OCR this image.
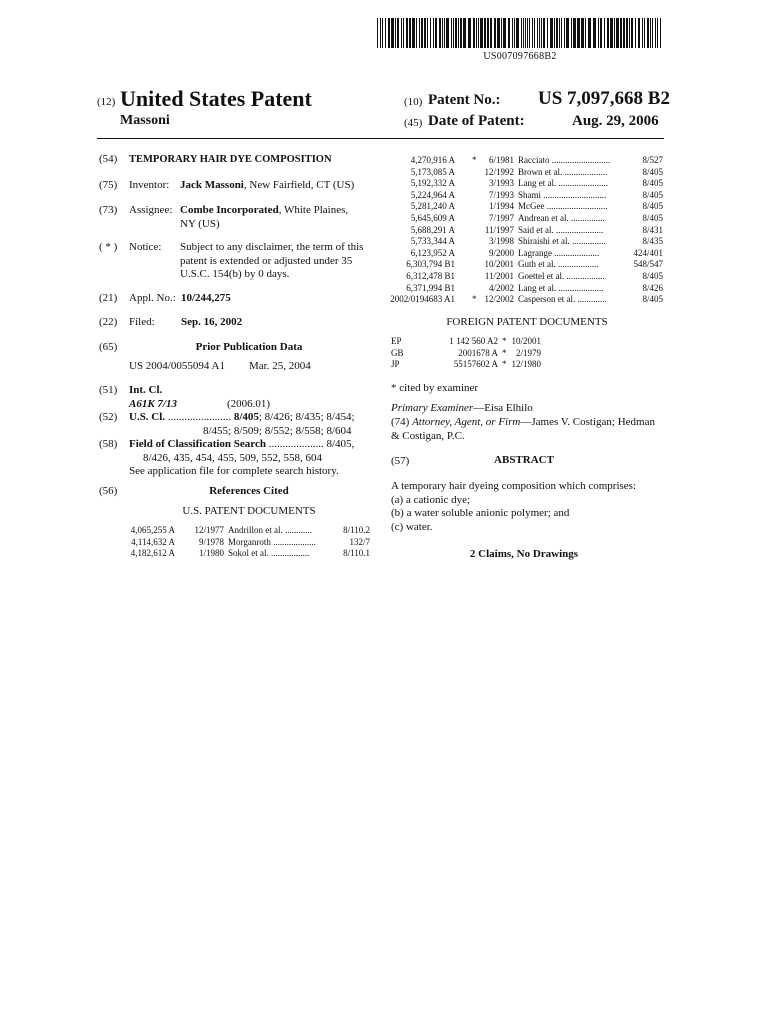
US007097668B2
(12) United States Patent
Massoni
(10) Patent No.: US 7,097,668 B2
(45) Date of Patent:	Aug. 29, 2006
(54) TEMPORARY HAIR DYE COMPOSITION
(75) Inventor: Jack Massoni, New Fairfield, CT (US)
(73) Assignee: Combe Incorporated, White Plaines,
NY (US)
( * ) Notice: Subject to any disclaimer, the term of this
patent is extended or adjusted under 35
U.S.C. 154(b) by 0 days.
(21) Appl. No.: 10/244,275
(22) Filed: Sep. 16, 2002
(65)	Prior Publication Data
US 2004/0055094 A1 Mar. 25, 2004
(51) Int. Cl.
A61K 7/13	(2006.01)
(52) U.S. Cl. ....................... 8/405; 8/426; 8/435; 8/454;
8/455; 8/509; 8/552; 8/558; 8/604
(58) Field of Classification Search .................... 8/405,
8/426, 435, 454, 455, 509, 552, 558, 604
See application file for complete search history.
(56)	References Cited
U.S. PATENT DOCUMENTS
4,065,255 A 12/1977 Andrillon et al. ............	8/110.2
4,114,632 A	9/1978 Morganroth ...................	132/7
4,182,612 A	1/1980 Sokol et al. .................	8/110.1
4,270,916 A * 6/1981 Racciato ..........................	8/527
5,173,085 A	12/1992 Brown et al. ...................	8/405
5,192,332 A	3/1993 Lang et al. ......................	8/405
5,224,964 A	7/1993 Shami ............................	8/405
5,281,240 A	1/1994 McGee ...........................	8/405
5,645,609 A	7/1997 Andrean et al. ...............	8/405
5,688,291 A	11/1997 Said et al. .....................	8/431
5,733,344 A	3/1998 Shiraishi et al. ...............	8/435
6,123,952 A	9/2000 Lagrange ....................	424/401
6,303,794 B1	10/2001 Guth et al. ..................	548/547
6,312,478 B1	11/2001 Goettel et al. .................	8/405
6,371,994 B1	4/2002 Lang et al. ....................	8/426
2002/0194683 A1 * 12/2002 Casperson et al. .............	8/405
FOREIGN PATENT DOCUMENTS
EP	1 142 560 A2 * 10/2001
GB	2001678 A * 2/1979
JP	55157602 A * 12/1980
* cited by examiner
Primary Examiner—Eisa Elhilo
(74) Attorney, Agent, or Firm—James V. Costigan; Hedman
& Costigan, P.C.
(57)	ABSTRACT
A temporary hair dyeing composition which comprises:
(a) a cationic dye;
(b) a water soluble anionic polymer; and
(c) water.
2 Claims, No Drawings
